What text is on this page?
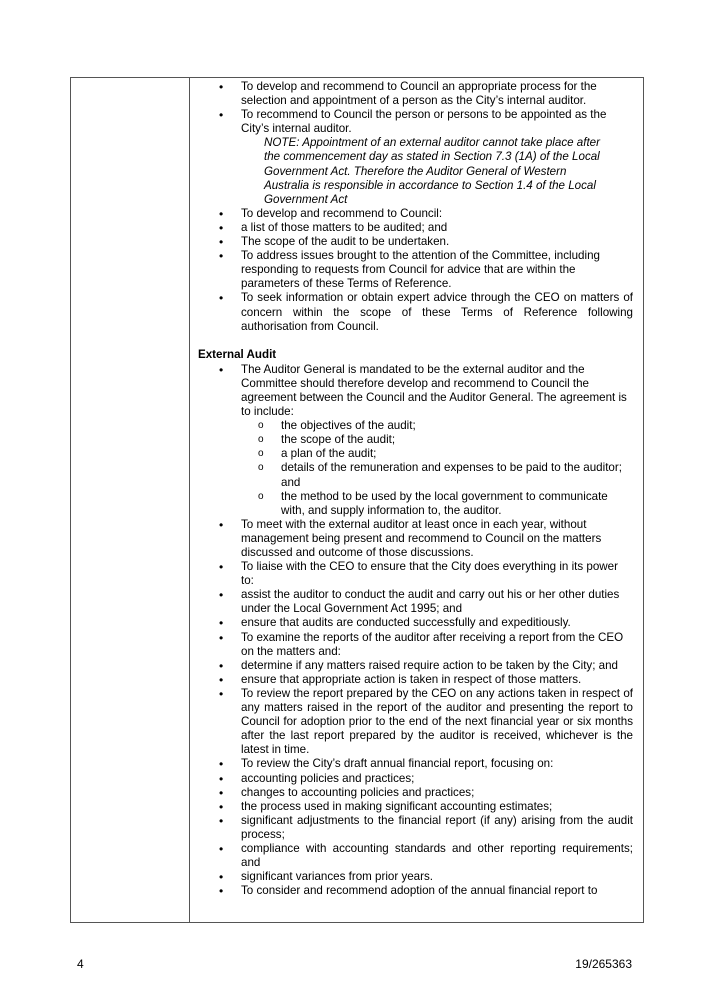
• To develop and recommend to Council an appropriate process for the selection and appointment of a person as the City’s internal auditor.
• To recommend to Council the person or persons to be appointed as the City’s internal auditor.
NOTE: Appointment of an external auditor cannot take place after the commencement day as stated in Section 7.3 (1A) of the Local Government Act. Therefore the Auditor General of Western Australia is responsible in accordance to Section 1.4 of the Local Government Act
• To develop and recommend to Council:
• a list of those matters to be audited; and
• The scope of the audit to be undertaken.
• To address issues brought to the attention of the Committee, including responding to requests from Council for advice that are within the parameters of these Terms of Reference.
• To seek information or obtain expert advice through the CEO on matters of concern within the scope of these Terms of Reference following authorisation from Council.
External Audit
• The Auditor General is mandated to be the external auditor and the Committee should therefore develop and recommend to Council the agreement between the Council and the Auditor General. The agreement is to include:
o the objectives of the audit;
o the scope of the audit;
o a plan of the audit;
o details of the remuneration and expenses to be paid to the auditor; and
o the method to be used by the local government to communicate with, and supply information to, the auditor.
• To meet with the external auditor at least once in each year, without management being present and recommend to Council on the matters discussed and outcome of those discussions.
• To liaise with the CEO to ensure that the City does everything in its power to:
• assist the auditor to conduct the audit and carry out his or her other duties under the Local Government Act 1995; and
• ensure that audits are conducted successfully and expeditiously.
• To examine the reports of the auditor after receiving a report from the CEO on the matters and:
• determine if any matters raised require action to be taken by the City; and
• ensure that appropriate action is taken in respect of those matters.
• To review the report prepared by the CEO on any actions taken in respect of any matters raised in the report of the auditor and presenting the report to Council for adoption prior to the end of the next financial year or six months after the last report prepared by the auditor is received, whichever is the latest in time.
• To review the City’s draft annual financial report, focusing on:
• accounting policies and practices;
• changes to accounting policies and practices;
• the process used in making significant accounting estimates;
• significant adjustments to the financial report (if any) arising from the audit process;
• compliance with accounting standards and other reporting requirements; and
• significant variances from prior years.
• To consider and recommend adoption of the annual financial report to
4	19/265363
